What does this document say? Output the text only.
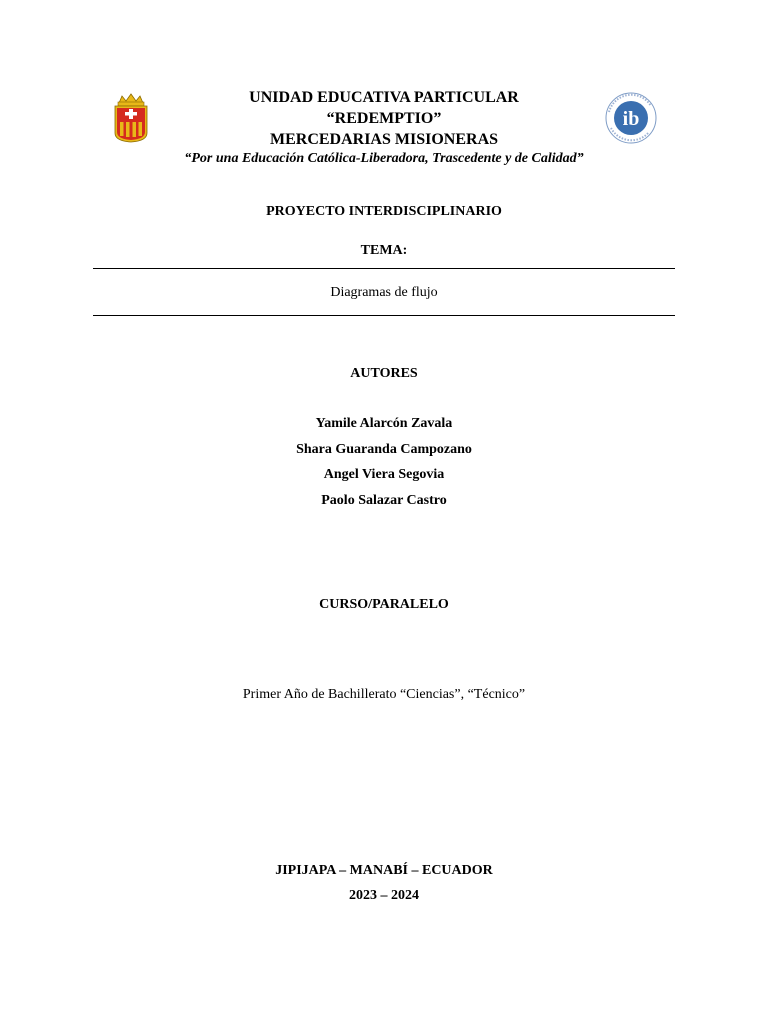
ib
UNIDAD EDUCATIVA PARTICULAR
“REDEMPTIO”
MERCEDARIAS MISIONERAS
“Por una Educación Católica-Liberadora, Trascedente y de Calidad”
PROYECTO INTERDISCIPLINARIO
TEMA:
Diagramas de flujo
AUTORES
Yamile Alarcón Zavala
Shara Guaranda Campozano
Angel Viera Segovia
Paolo Salazar Castro
CURSO/PARALELO
Primer Año de Bachillerato “Ciencias”, “Técnico”
JIPIJAPA – MANABÍ – ECUADOR
2023 – 2024
